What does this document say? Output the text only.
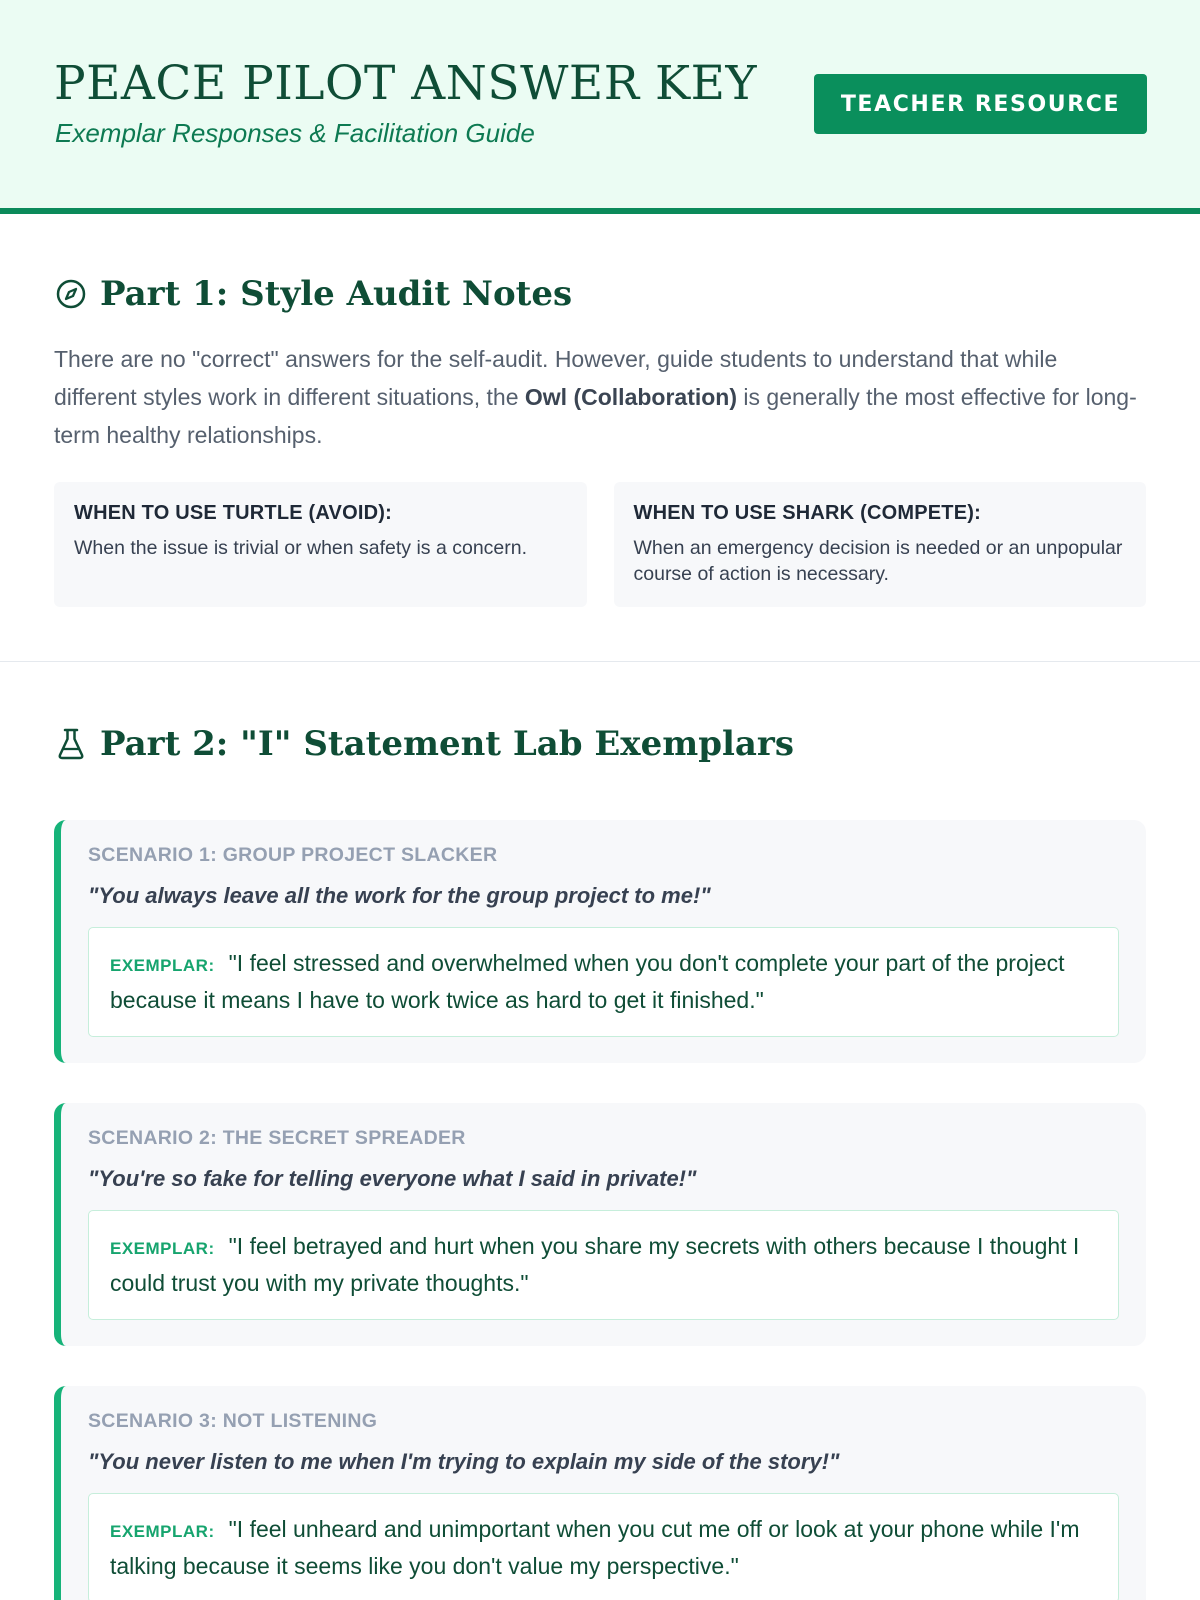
PEACE PILOT ANSWER KEY
Exemplar Responses & Facilitation Guide
TEACHER RESOURCE
Part 1: Style Audit Notes

There are no "correct" answers for the self-audit. However, guide students to understand that while different styles work in different situations, the Owl (Collaboration) is generally the most effective for long-term healthy relationships.

WHEN TO USE TURTLE (AVOID):
When the issue is trivial or when safety is a concern.
WHEN TO USE SHARK (COMPETE):
When an emergency decision is needed or an unpopular course of action is necessary.
Part 2: "I" Statement Lab Exemplars
SCENARIO 1: GROUP PROJECT SLACKER
"You always leave all the work for the group project to me!"
EXEMPLAR: "I feel stressed and overwhelmed when you don't complete your part of the project because it means I have to work twice as hard to get it finished."
SCENARIO 2: THE SECRET SPREADER
"You're so fake for telling everyone what I said in private!"
EXEMPLAR: "I feel betrayed and hurt when you share my secrets with others because I thought I could trust you with my private thoughts."
SCENARIO 3: NOT LISTENING
"You never listen to me when I'm trying to explain my side of the story!"
EXEMPLAR: "I feel unheard and unimportant when you cut me off or look at your phone while I'm talking because it seems like you don't value my perspective."
